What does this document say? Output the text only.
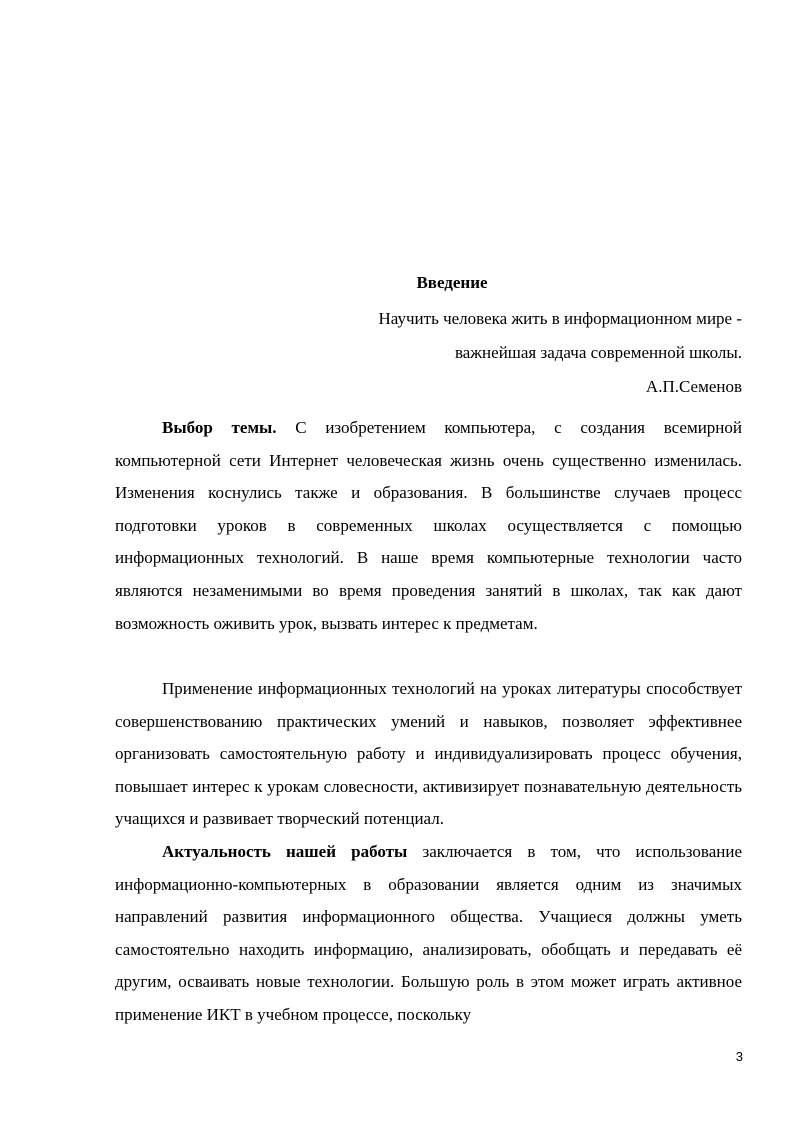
Введение
Научить человека жить в информационном мире -
важнейшая задача современной школы.
А.П.Семенов

Выбор темы. С изобретением компьютера, с создания всемирной компьютерной сети Интернет человеческая жизнь очень существенно изменилась. Изменения коснулись также и образования. В большинстве случаев процесс подготовки уроков в современных школах осуществляется с помощью информационных технологий. В наше время компьютерные технологии часто являются незаменимыми во время проведения занятий в школах, так как дают возможность оживить урок, вызвать интерес к предметам.

Применение информационных технологий на уроках литературы способствует совершенствованию практических умений и навыков, позволяет эффективнее организовать самостоятельную работу и индивидуализировать процесс обучения, повышает интерес к урокам словесности, активизирует познавательную деятельность учащихся и развивает творческий потенциал.

Актуальность нашей работы заключается в том, что использование информационно-компьютерных в образовании является одним из значимых направлений развития информационного общества. Учащиеся должны уметь самостоятельно находить информацию, анализировать, обобщать и передавать её другим, осваивать новые технологии. Большую роль в этом может играть активное применение ИКТ в учебном процессе, поскольку

3
